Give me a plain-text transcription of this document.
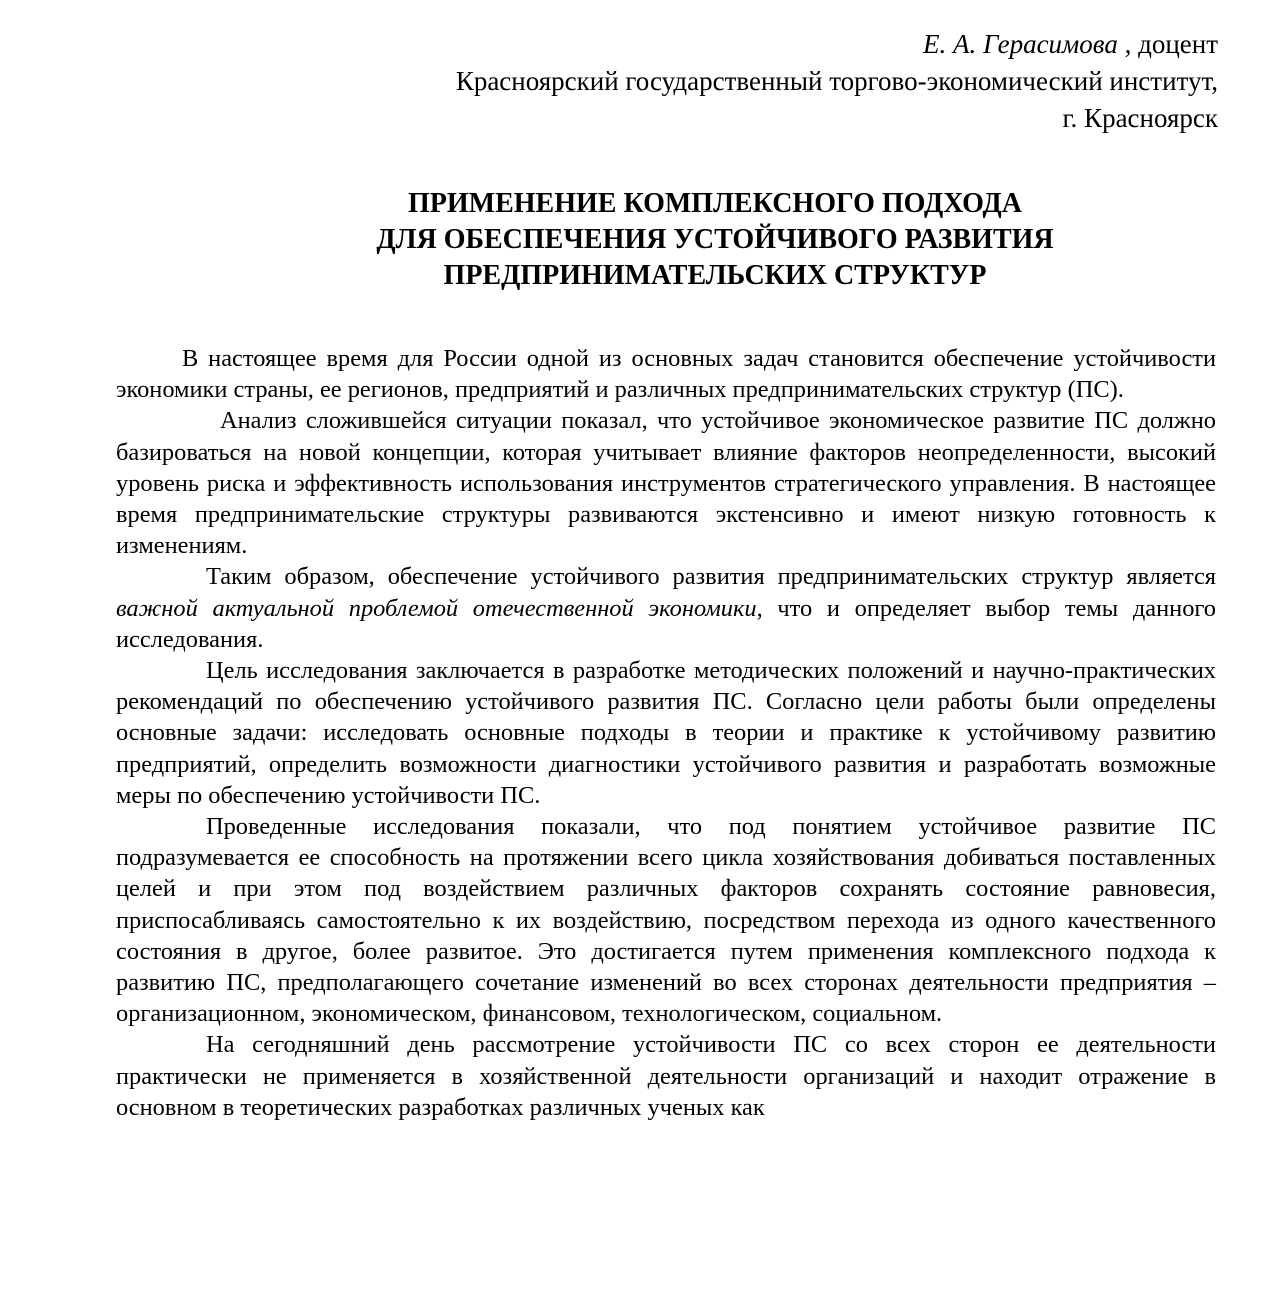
Е. А. Герасимова , доцент
Красноярский государственный торгово-экономический институт,
г. Красноярск
ПРИМЕНЕНИЕ КОМПЛЕКСНОГО ПОДХОДА
ДЛЯ ОБЕСПЕЧЕНИЯ УСТОЙЧИВОГО РАЗВИТИЯ
ПРЕДПРИНИМАТЕЛЬСКИХ СТРУКТУР

В настоящее время для России одной из основных задач становится обеспечение устойчивости экономики страны, ее регионов, предприятий и различных предпринимательских структур (ПС).

Анализ сложившейся ситуации показал, что устойчивое экономическое развитие ПС должно базироваться на новой концепции, которая учитывает влияние факторов неопределенности, высокий уровень риска и эффективность использования инструментов стратегического управления. В настоящее время предпринимательские структуры развиваются экстенсивно и имеют низкую готовность к изменениям.

Таким образом, обеспечение устойчивого развития предпринимательских структур является важной актуальной проблемой отечественной экономики, что и определяет выбор темы данного исследования.

Цель исследования заключается в разработке методических положений и научно-практических рекомендаций по обеспечению устойчивого развития ПС. Согласно цели работы были определены основные задачи: исследовать основные подходы в теории и практике к устойчивому развитию предприятий, определить возможности диагностики устойчивого развития и разработать возможные меры по обеспечению устойчивости ПС.

Проведенные исследования показали, что под понятием устойчивое развитие ПС подразумевается ее способность на протяжении всего цикла хозяйствования добиваться поставленных целей и при этом под воздействием различных факторов сохранять состояние равновесия, приспосабливаясь самостоятельно к их воздействию, посредством перехода из одного качественного состояния в другое, более развитое. Это достигается путем применения комплексного подхода к развитию ПС, предполагающего сочетание изменений во всех сторонах деятельности предприятия – организационном, экономическом, финансовом, технологическом, социальном.

На сегодняшний день рассмотрение устойчивости ПС со всех сторон ее деятельности практически не применяется в хозяйственной деятельности организаций и находит отражение в основном в теоретических разработках различных ученых как
